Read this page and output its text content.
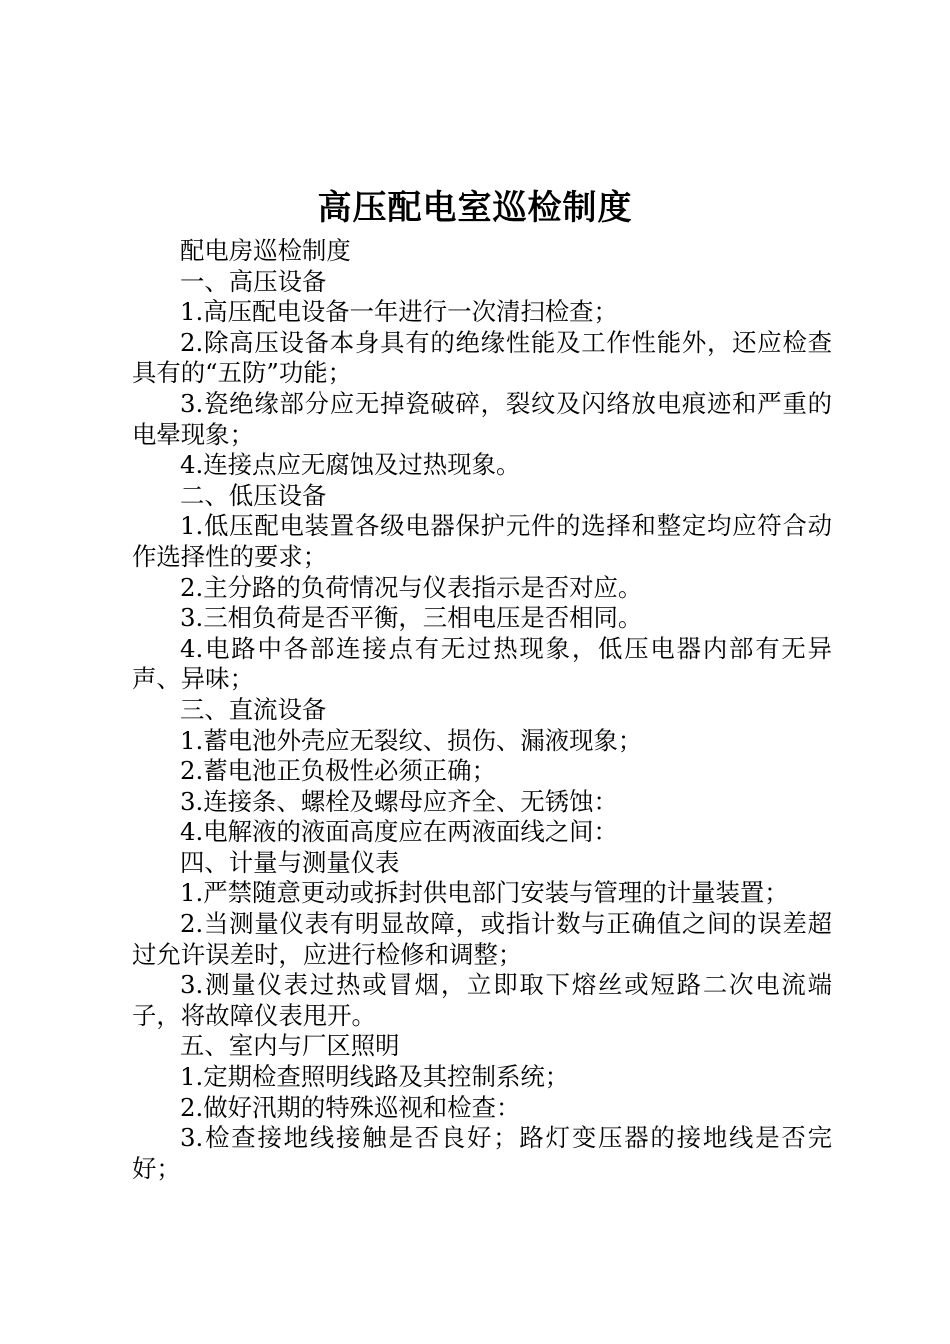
高压配电室巡检制度

配电房巡检制度

一、高压设备

1.高压配电设备一年进行一次清扫检查；

2.除高压设备本身具有的绝缘性能及工作性能外，还应检查具有的“五防”功能；

3.瓷绝缘部分应无掉瓷破碎，裂纹及闪络放电痕迹和严重的电晕现象；

4.连接点应无腐蚀及过热现象。

二、低压设备

1.低压配电装置各级电器保护元件的选择和整定均应符合动作选择性的要求；

2.主分路的负荷情况与仪表指示是否对应。

3.三相负荷是否平衡，三相电压是否相同。

4.电路中各部连接点有无过热现象，低压电器内部有无异声、异味；

三、直流设备

1.蓄电池外壳应无裂纹、损伤、漏液现象；

2.蓄电池正负极性必须正确；

3.连接条、螺栓及螺母应齐全、无锈蚀：

4.电解液的液面高度应在两液面线之间：

四、计量与测量仪表

1.严禁随意更动或拆封供电部门安装与管理的计量装置；

2.当测量仪表有明显故障，或指计数与正确值之间的误差超过允许误差时，应进行检修和调整；

3.测量仪表过热或冒烟，立即取下熔丝或短路二次电流端子，将故障仪表甩开。

五、室内与厂区照明

1.定期检查照明线路及其控制系统；

2.做好汛期的特殊巡视和检查：

3.检查接地线接触是否良好；路灯变压器的接地线是否完好；
